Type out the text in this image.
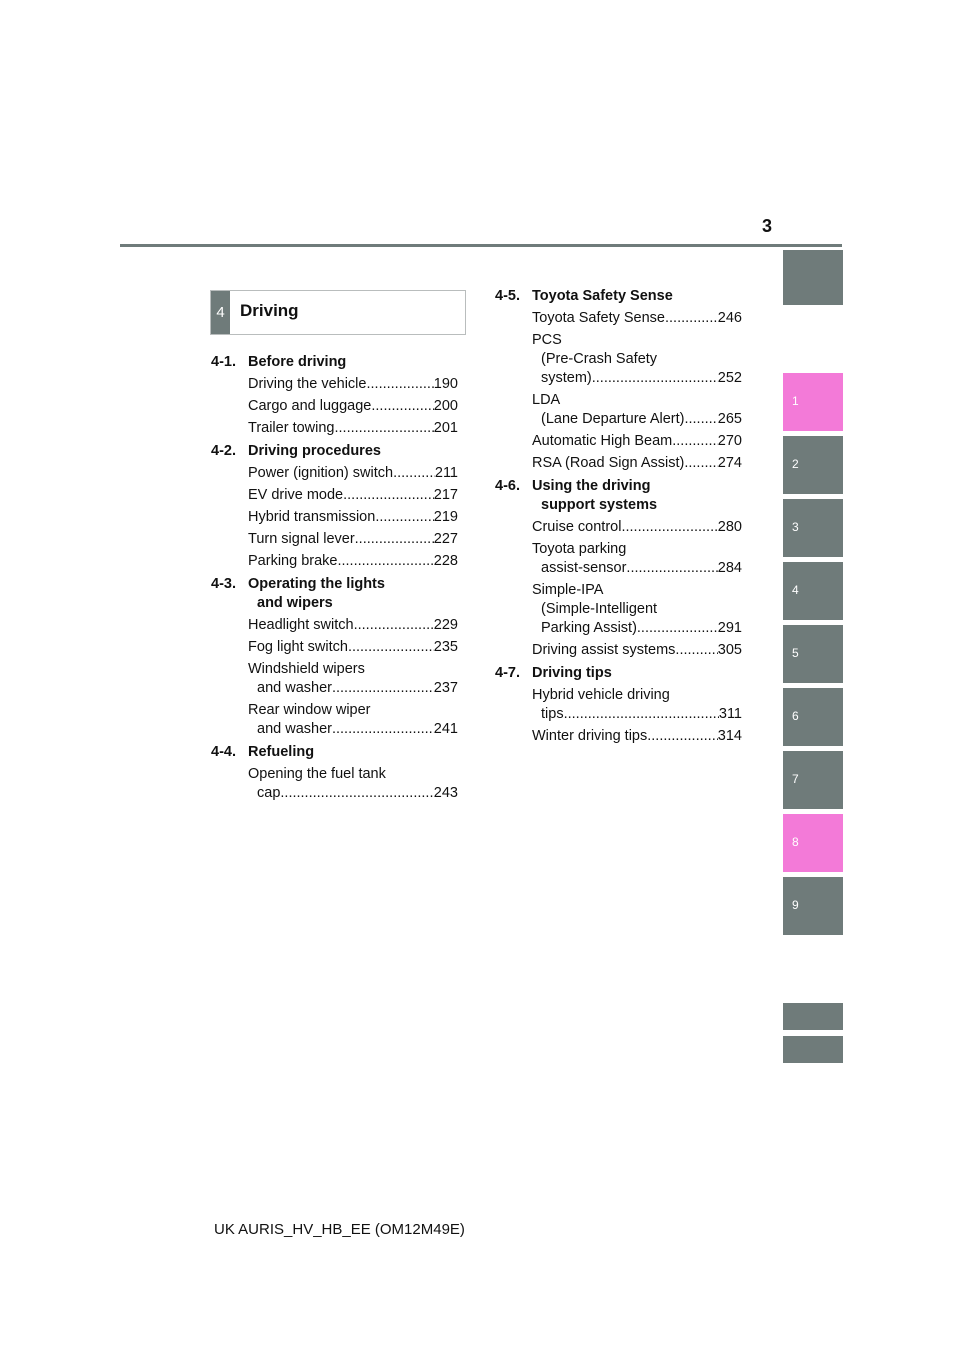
3
4 Driving
4-1. Before driving
Driving the vehicle .....	190
Cargo and luggage .....	200
Trailer towing .....	201
4-2. Driving procedures
Power (ignition) switch .....	211
EV drive mode .....	217
Hybrid transmission .....	219
Turn signal lever .....	227
Parking brake .....	228
4-3. Operating the lights
and wipers
Headlight switch .....	229
Fog light switch .....	235
Windshield wipers
and washer .....	237
Rear window wiper
and washer .....	241
4-4. Refueling
Opening the fuel tank
cap .....	243
4-5. Toyota Safety Sense
Toyota Safety Sense .....	246
PCS
(Pre-Crash Safety
system) .....	252
LDA
(Lane Departure Alert) ..... 265
Automatic High Beam .....	270
RSA (Road Sign Assist) ..... 274
4-6. Using the driving
support systems
Cruise control .....	280
Toyota parking
assist-sensor .....	284
Simple-IPA
(Simple-Intelligent
Parking Assist) .....	291
Driving assist systems .....	305
4-7. Driving tips
Hybrid vehicle driving
tips .....	311
Winter driving tips .....	314
1
2
3
4
5
6
7
8
9
UK AURIS_HV_HB_EE (OM12M49E)
